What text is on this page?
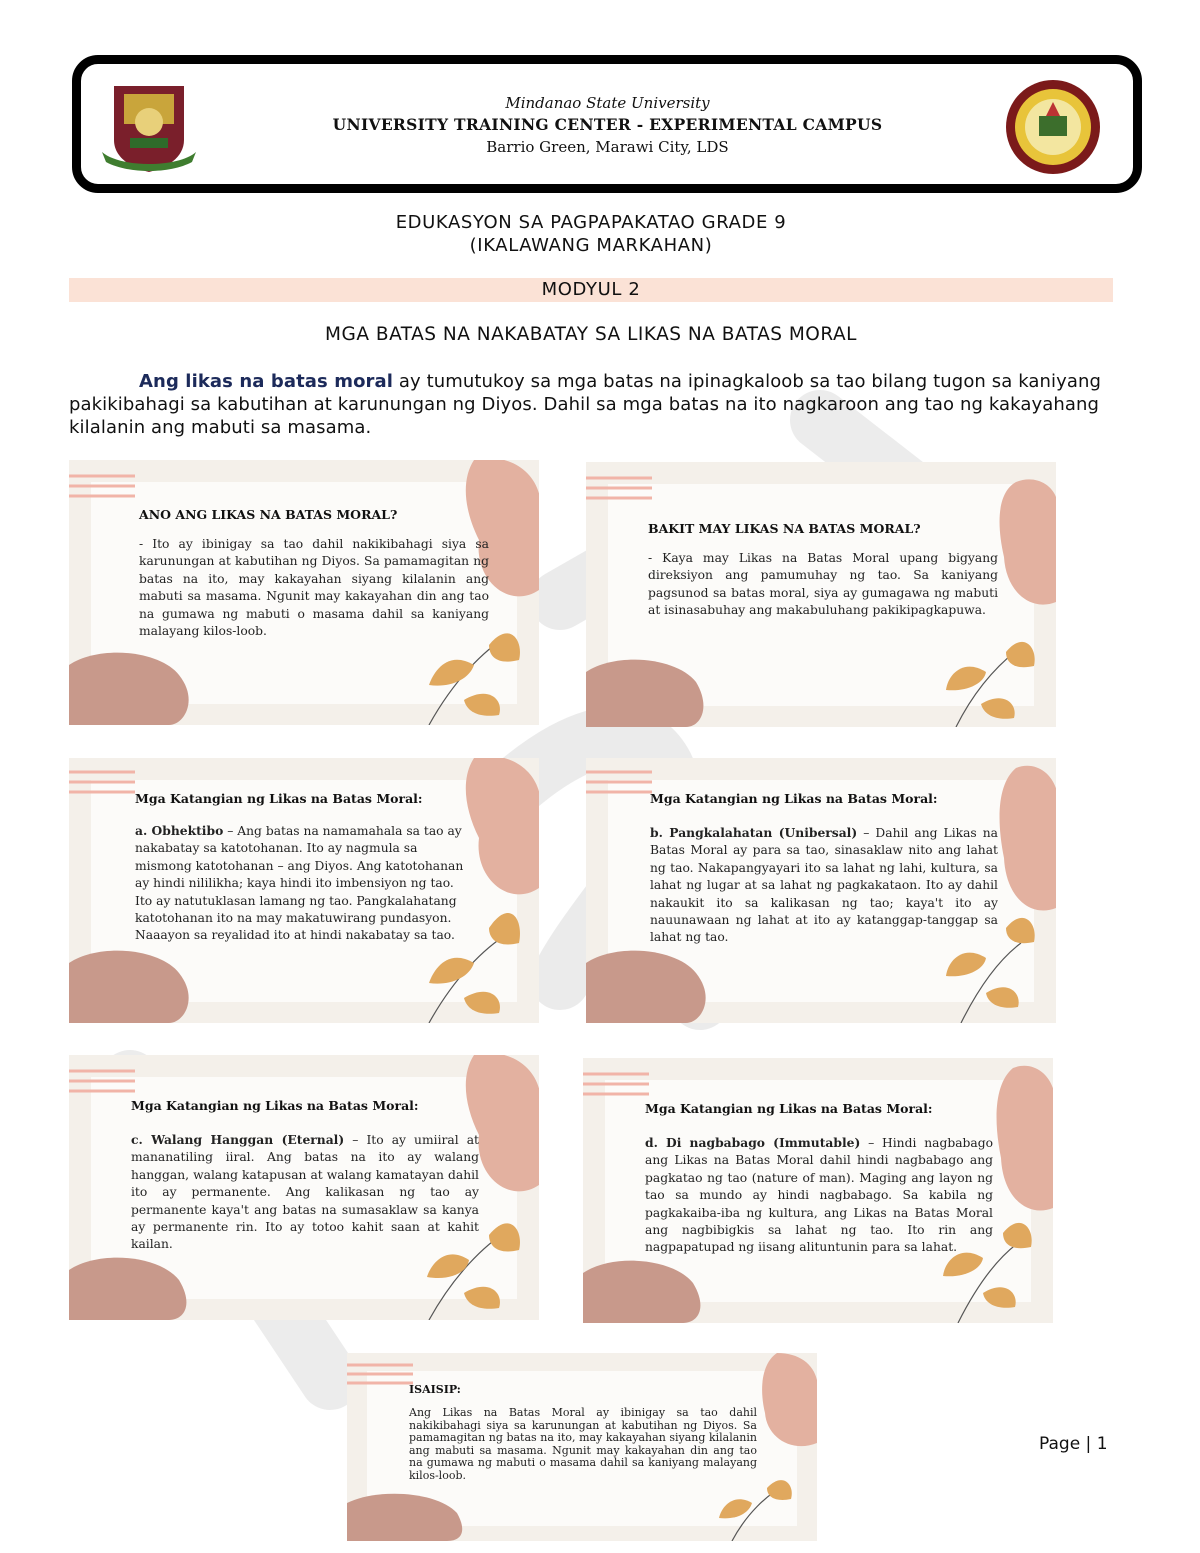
Mindanao State University
UNIVERSITY TRAINING CENTER - EXPERIMENTAL CAMPUS
Barrio Green, Marawi City, LDS
EDUKASYON SA PAGPAPAKATAO GRADE 9
(IKALAWANG MARKAHAN)
MODYUL 2
MGA BATAS NA NAKABATAY SA LIKAS NA BATAS MORAL
Ang likas na batas moral ay tumutukoy sa mga batas na ipinagkaloob sa tao bilang tugon sa kaniyang pakikibahagi sa kabutihan at karunungan ng Diyos. Dahil sa mga batas na ito nagkaroon ang tao ng kakayahang kilalanin ang mabuti sa masama.
ANO ANG LIKAS NA BATAS MORAL?
- Ito ay ibinigay sa tao dahil nakikibahagi siya sa karunungan at kabutihan ng Diyos. Sa pamamagitan ng batas na ito, may kakayahan siyang kilalanin ang mabuti sa masama. Ngunit may kakayahan din ang tao na gumawa ng mabuti o masama dahil sa kaniyang malayang kilos-loob.
BAKIT MAY LIKAS NA BATAS MORAL?
- Kaya may Likas na Batas Moral upang bigyang direksiyon ang pamumuhay ng tao. Sa kaniyang pagsunod sa batas moral, siya ay gumagawa ng mabuti at isinasabuhay ang makabuluhang pakikipagkapuwa.
Mga Katangian ng Likas na Batas Moral:
a. Obhektibo – Ang batas na namamahala sa tao ay nakabatay sa katotohanan. Ito ay nagmula sa mismong katotohanan – ang Diyos. Ang katotohanan ay hindi nililikha; kaya hindi ito imbensiyon ng tao. Ito ay natutuklasan lamang ng tao. Pangkalahatang katotohanan ito na may makatuwirang pundasyon. Naaayon sa reyalidad ito at hindi nakabatay sa tao.
Mga Katangian ng Likas na Batas Moral:
b. Pangkalahatan (Unibersal) – Dahil ang Likas na Batas Moral ay para sa tao, sinasaklaw nito ang lahat ng tao. Nakapangyayari ito sa lahat ng lahi, kultura, sa lahat ng lugar at sa lahat ng pagkakataon. Ito ay dahil nakaukit ito sa kalikasan ng tao; kaya't ito ay nauunawaan ng lahat at ito ay katanggap-tanggap sa lahat ng tao.
Mga Katangian ng Likas na Batas Moral:
c. Walang Hanggan (Eternal) – Ito ay umiiral at mananatiling iiral. Ang batas na ito ay walang hanggan, walang katapusan at walang kamatayan dahil ito ay permanente. Ang kalikasan ng tao ay permanente kaya't ang batas na sumasaklaw sa kanya ay permanente rin. Ito ay totoo kahit saan at kahit kailan.
Mga Katangian ng Likas na Batas Moral:
d. Di nagbabago (Immutable) – Hindi nagbabago ang Likas na Batas Moral dahil hindi nagbabago ang pagkatao ng tao (nature of man). Maging ang layon ng tao sa mundo ay hindi nagbabago. Sa kabila ng pagkakaiba-iba ng kultura, ang Likas na Batas Moral ang nagbibigkis sa lahat ng tao. Ito rin ang nagpapatupad ng iisang alituntunin para sa lahat.
ISAISIP:
Ang Likas na Batas Moral ay ibinigay sa tao dahil nakikibahagi siya sa karunungan at kabutihan ng Diyos. Sa pamamagitan ng batas na ito, may kakayahan siyang kilalanin ang mabuti sa masama. Ngunit may kakayahan din ang tao na gumawa ng mabuti o masama dahil sa kaniyang malayang kilos-loob.
Page | 1
